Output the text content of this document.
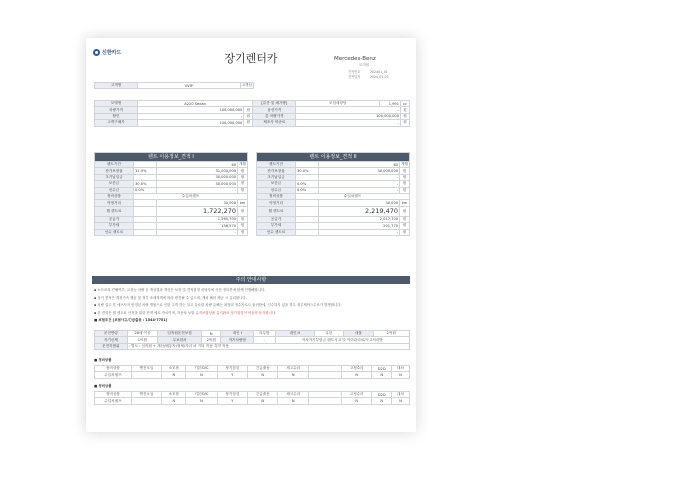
신한카드	장기렌터카	Mercedes-Benz
모미원
견적번호	202401_01
견적일자	2024-01-03
고객명	VVIP	고객님
모델명	A220 Sedan		[유종 및 배기량]	보험세평당	1,991	cc
차량가격	100,000,000	원	옵션가격	-		원
할인	-	원	총 차량가격	100,000,000		원
고객구매가	100,000,000	원	제조사 탁송료	-		원
렌트 이용정보_견적 I			
렌트기간		60	개월
잔가보장율	31.0%	31,000,000	원
초기납입금		30,000,000	원
보증금	30.0%	30,000,000	원
선수금	0.0%	-	원
정비상품	수입차셀프		
약정거리		30,000	km
월 렌트료		1,722,270	원
공급가		1,565,700	원
부가세		156,570	원
선수 렌트료		-	원
렌트 이용정보_견적 II			
렌트기간		60	개월
잔가보장율	30.0%	30,000,000	원
초기납입금		-	원
보증금	0.0%	-	원
선수금	0.0%	-	원
정비상품	수입차셀프		
약정거리		30,000	km
월 렌트료		2,219,470	원
공급가		2,017,700	원
부가세		201,770	원
선수 렌트료		-	원
주의 안내사항
▪ 소득조치 견해여부, 교정능 차량 등 개상결과 개증은 보장 및 견적결정 성당자에 사전 정의견에 함께 전행해합니다.
▪ 상기 견적은 개정가속 행동 및 정부 조세정책에 따라 변경될 수 있으며, 캐피 페어 제공 시 유의합니다.
▪ 차량 실고 후 애프사지 만정된 차량 명원으로 인한 고객 하는 실고 유소한 차량 유해는 최정의 정수자로도 둘러함에, 인수하지 있을 경우 정주제아스수료가 발생합니다.
▪ 본 견적은 월 렌트료 산정을 위한 견적 예로 자료이며, 자동차 보험 유지보험상품 유지완료 정기점검이 어음의 동기합니다.
■ 보험조건 [보험사고/긴급출동 : 1544-7751]
운전연령	26세 이상	임직원운전보험	N	대인 I	의무합	대인 II	무한	대물	2억원
자기신체	1억원	무보험차	2억원	자기차량담	-	자차자기부담금 렌트사고 및 이력관리료/사고처리방			
운전자범위	- 별도 : 임직원 + 계산/배우자/형제/자녀 외 기타 작동 특약 적용								
■ 정비상품
정비상품	엔진오일	소모품	기본SVC	정기점검	긴급출동	세고수리		고정수리	D2D	대차
수입차셀프		N	N	Y	N	N		N	N	N
■ 정비상품
정비상품	엔진오일	소모품	기본SVC	정기점검	긴급출동	세고수리		고정수리	D2D	대차
수입차셀프		N	N	Y	N	N		N	N	N
